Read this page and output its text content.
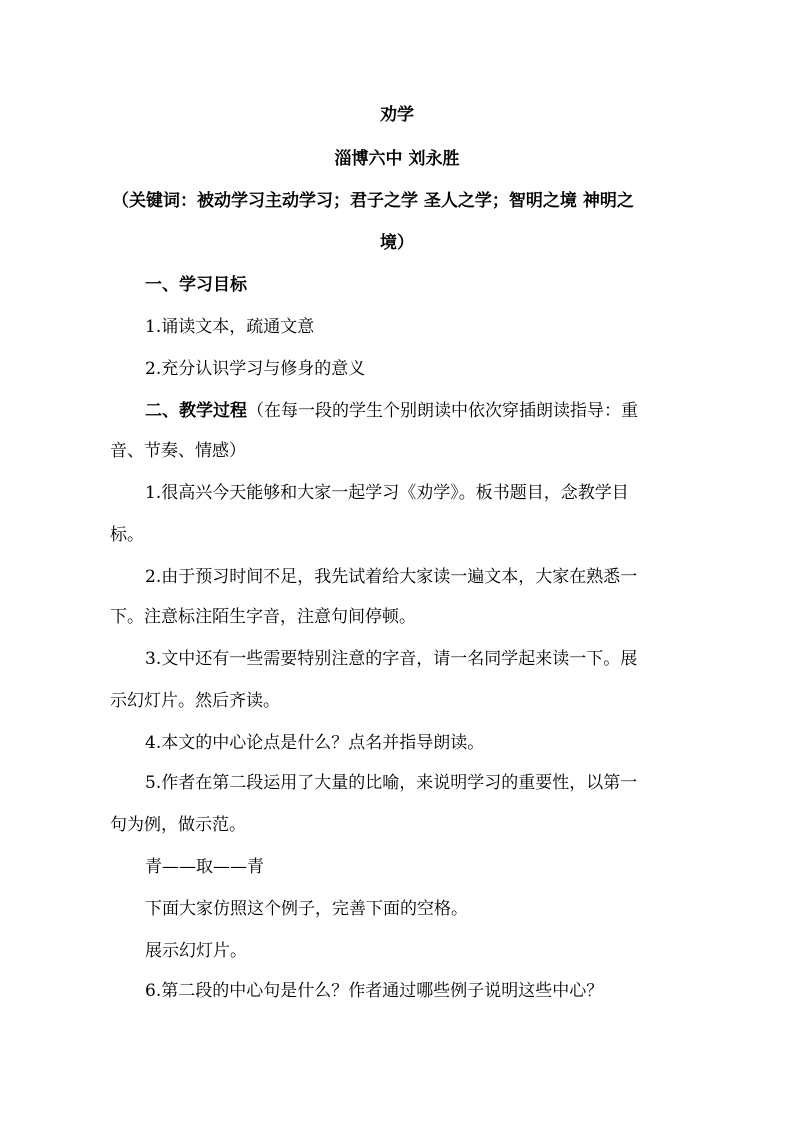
劝学
淄博六中 刘永胜
（关键词：被动学习主动学习；君子之学 圣人之学；智明之境 神明之
境）
一、学习目标
1.诵读文本，疏通文意
2.充分认识学习与修身的意义
二、教学过程（在每一段的学生个别朗读中依次穿插朗读指导：重
音、节奏、情感）
1.很高兴今天能够和大家一起学习《劝学》。板书题目，念教学目
标。
2.由于预习时间不足，我先试着给大家读一遍文本，大家在熟悉一
下。注意标注陌生字音，注意句间停顿。
3.文中还有一些需要特别注意的字音，请一名同学起来读一下。展
示幻灯片。然后齐读。
4.本文的中心论点是什么？点名并指导朗读。
5.作者在第二段运用了大量的比喻，来说明学习的重要性，以第一
句为例，做示范。
青——取——青
下面大家仿照这个例子，完善下面的空格。
展示幻灯片。
6.第二段的中心句是什么？作者通过哪些例子说明这些中心？
